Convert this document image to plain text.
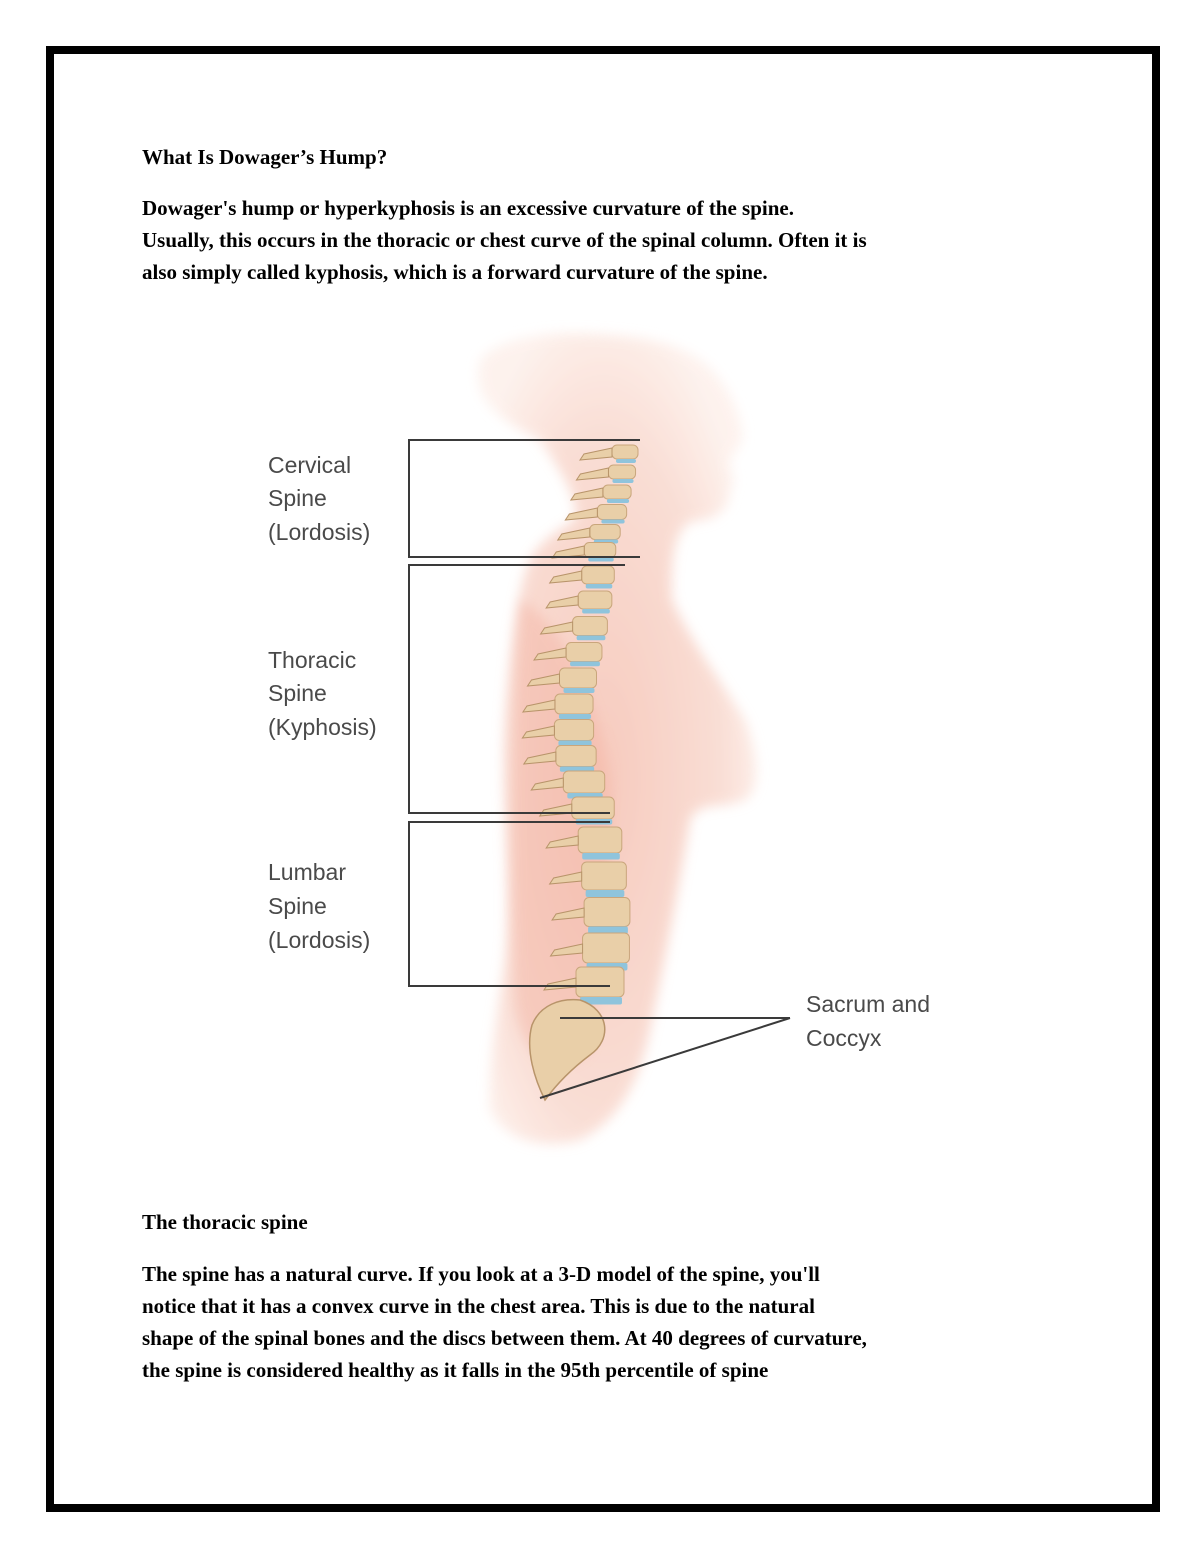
What Is Dowager’s Hump?
Dowager's hump or hyperkyphosis is an excessive curvature of the spine.
Usually, this occurs in the thoracic or chest curve of the spinal column. Often it is
also simply called kyphosis, which is a forward curvature of the spine.
Cervical
Spine
(Lordosis)
Thoracic
Spine
(Kyphosis)
Lumbar
Spine
(Lordosis)
Sacrum and
Coccyx
The thoracic spine
The spine has a natural curve. If you look at a 3-D model of the spine, you'll
notice that it has a convex curve in the chest area. This is due to the natural
shape of the spinal bones and the discs between them. At 40 degrees of curvature,
the spine is considered healthy as it falls in the 95th percentile of spine
